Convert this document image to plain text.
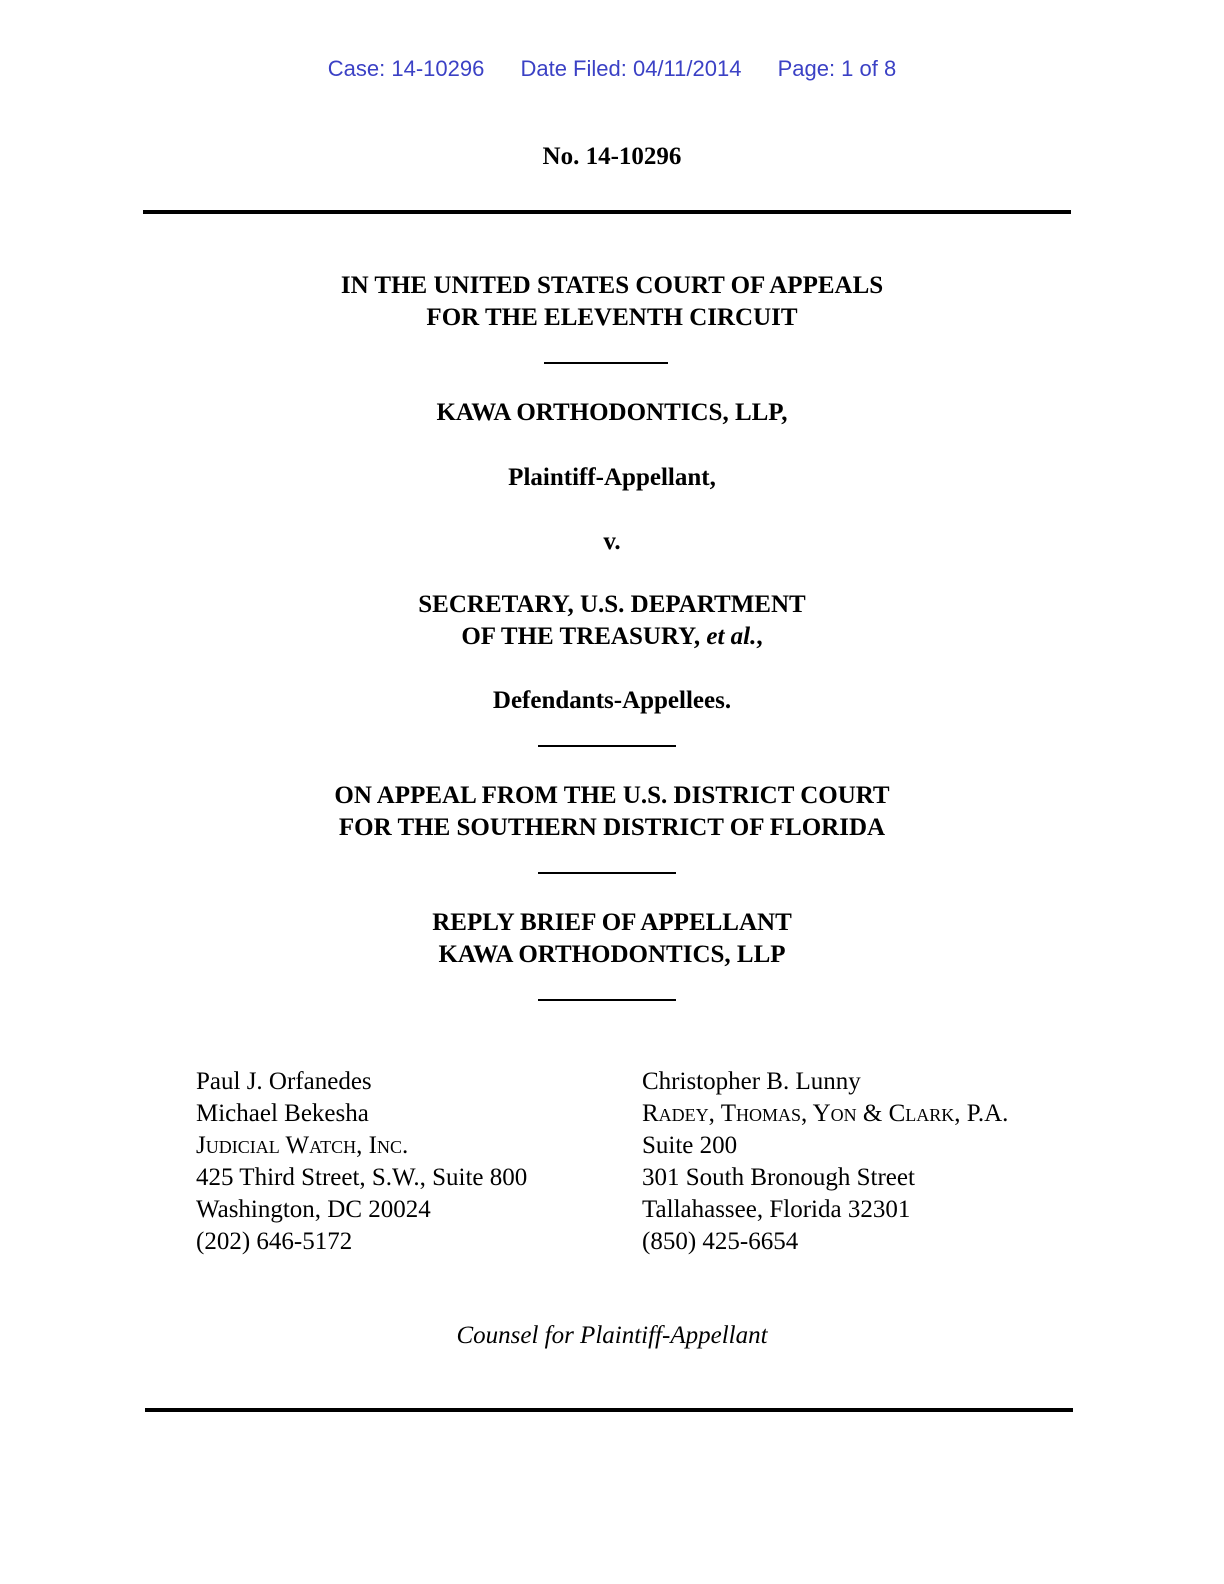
Case: 14-10296 Date Filed: 04/11/2014 Page: 1 of 8
No. 14-10296
IN THE UNITED STATES COURT OF APPEALS
FOR THE ELEVENTH CIRCUIT
KAWA ORTHODONTICS, LLP,
Plaintiff-Appellant,
v.
SECRETARY, U.S. DEPARTMENT
OF THE TREASURY, et al.,
Defendants-Appellees.
ON APPEAL FROM THE U.S. DISTRICT COURT
FOR THE SOUTHERN DISTRICT OF FLORIDA
REPLY BRIEF OF APPELLANT
KAWA ORTHODONTICS, LLP
Paul J. Orfanedes
Michael Bekesha
Judicial Watch, Inc.
425 Third Street, S.W., Suite 800
Washington, DC 20024
(202) 646-5172
Christopher B. Lunny
Radey, Thomas, Yon & Clark, P.A.
Suite 200
301 South Bronough Street
Tallahassee, Florida 32301
(850) 425-6654
Counsel for Plaintiff-Appellant
